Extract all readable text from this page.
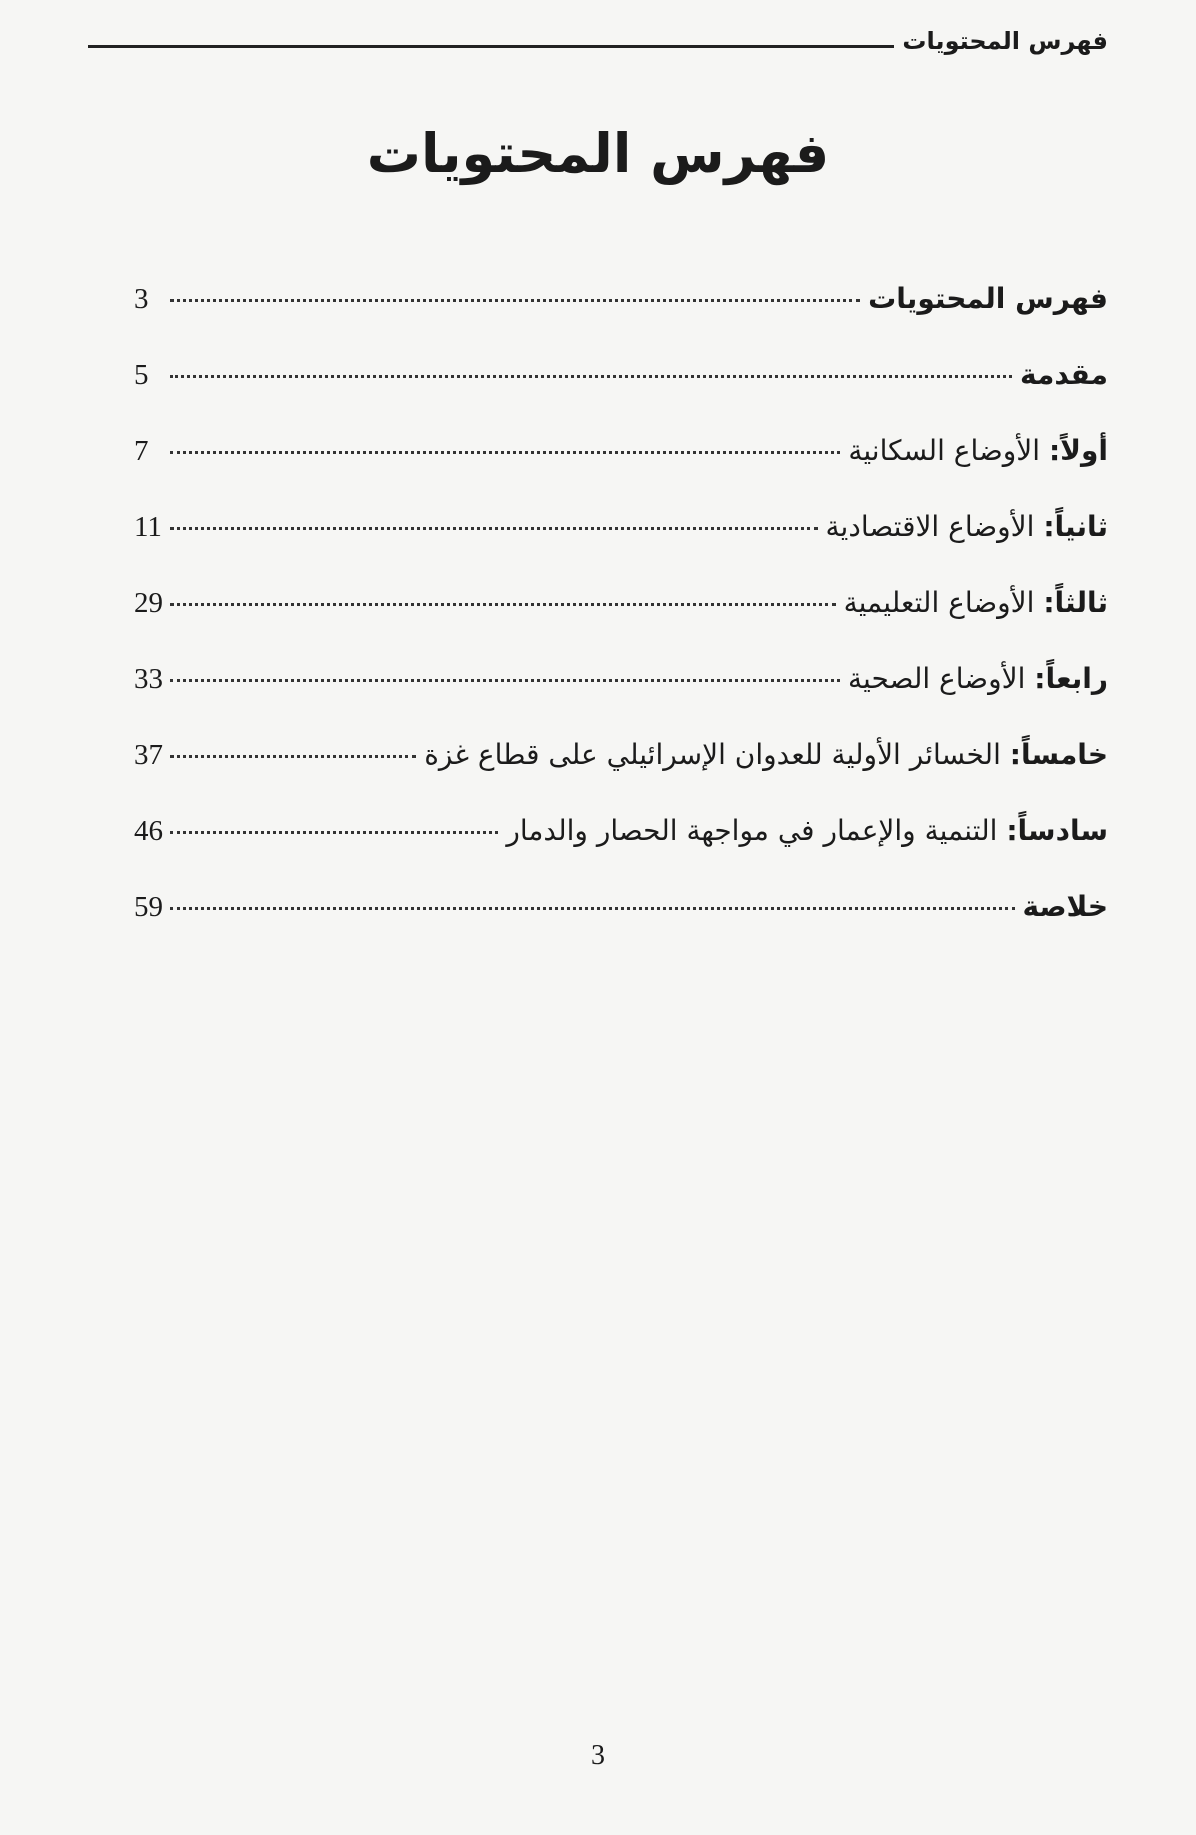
فهرس المحتويات
فهرس المحتويات
فهرس المحتويات
3
مقدمة
5
أولاً: الأوضاع السكانية
7
ثانياً: الأوضاع الاقتصادية
11
ثالثاً: الأوضاع التعليمية
29
رابعاً: الأوضاع الصحية
33
خامساً: الخسائر الأولية للعدوان الإسرائيلي على قطاع غزة
37
سادساً: التنمية والإعمار في مواجهة الحصار والدمار
46
خلاصة
59
3
